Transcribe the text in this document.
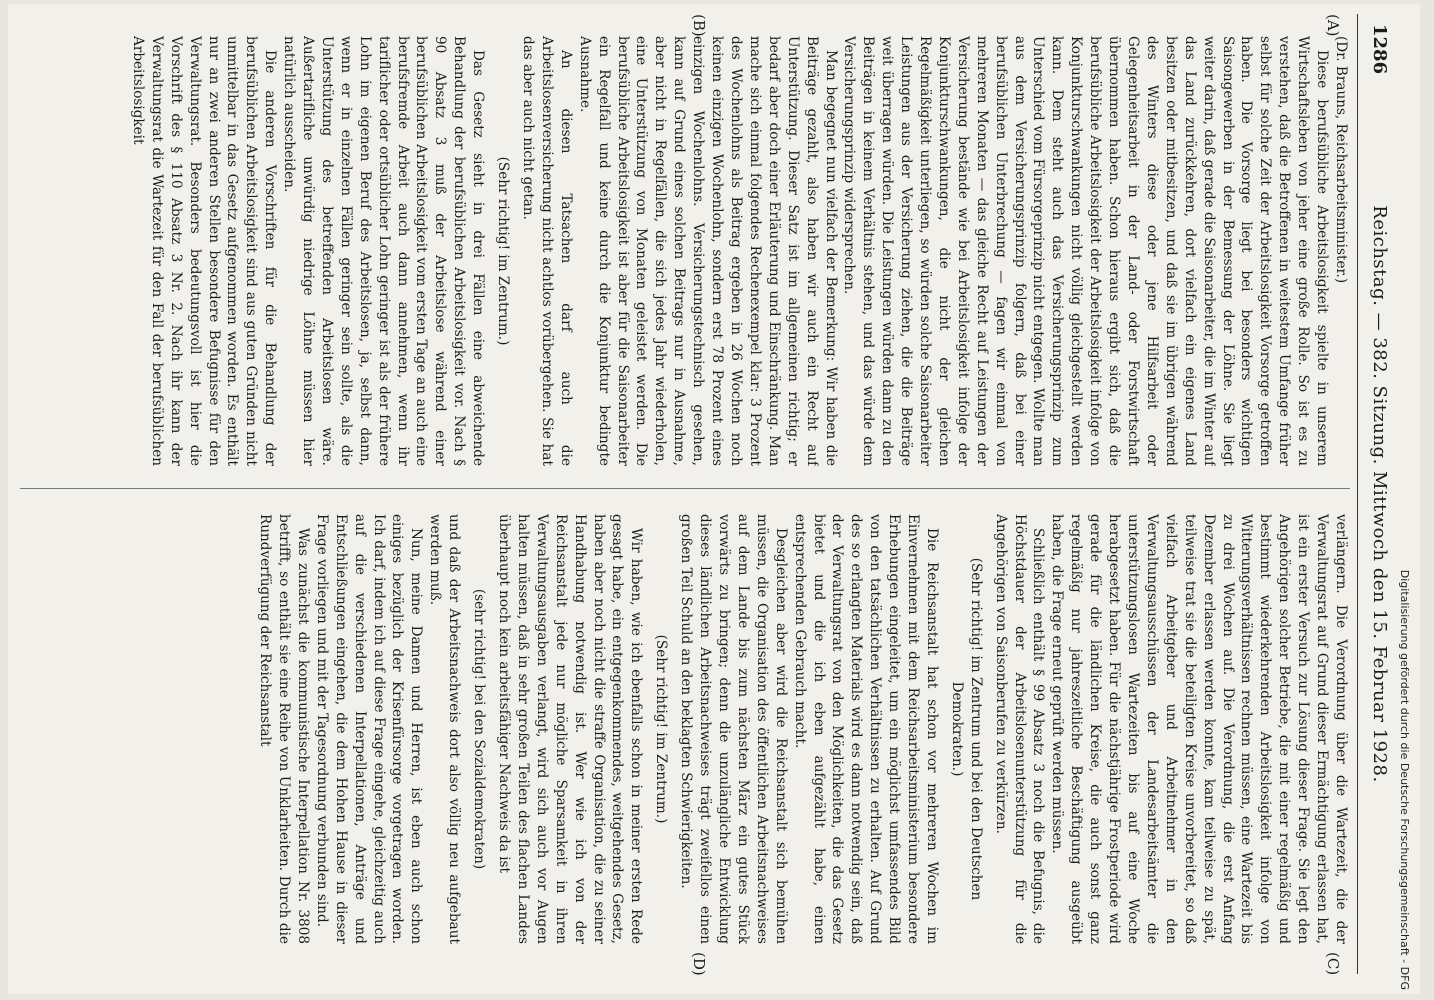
1286
Reichstag. — 382. Sitzung. Mittwoch den 15. Februar 1928.
(A)
(B)
(C)
(D)

(Dr. Brauns, Reichsarbeitsminister.)

Diese berufsübliche Arbeitslosigkeit spielte in unserem Wirtschaftsleben von jeher eine große Rolle. So ist es zu verstehen, daß die Betroffenen in weitestem Umfange früher selbst für solche Zeit der Arbeitslosigkeit Vorsorge getroffen haben. Die Vorsorge liegt bei besonders wichtigen Saisongewerben in der Bemessung der Löhne. Sie liegt weiter darin, daß gerade die Saisonarbeiter, die im Winter auf das Land zurückkehren, dort vielfach ein eigenes Land besitzen oder mitbesitzen, und daß sie im übrigen während des Winters diese oder jene Hilfsarbeit oder Gelegenheitsarbeit in der Land- oder Forstwirtschaft übernommen haben. Schon hieraus ergibt sich, daß die berufsübliche Arbeitslosigkeit der Arbeitslosigkeit infolge von Konjunkturschwankungen nicht völlig gleichgestellt werden kann. Dem steht auch das Versicherungsprinzip zum Unterschied vom Fürsorgeprinzip nicht entgegen. Wollte man aus dem Versicherungsprinzip folgern, daß bei einer berufsüblichen Unterbrechung — fagen wir einmal von mehreren Monaten — das gleiche Recht auf Leistungen der Versicherung bestände wie bei Arbeitslosigkeit infolge der Konjunkturschwankungen, die nicht der gleichen Regelmäßigkeit unterliegen, so würden solche Saisonarbeiter Leistungen aus der Versicherung ziehen, die die Beiträge weit überragen würden. Die Leistungen würden dann zu den Beiträgen in keinem Verhältnis stehen, und das würde dem Versicherungsprinzip widersprechen.

Man begegnet nun vielfach der Bemerkung: Wir haben die Beiträge gezahlt, also haben wir auch ein Recht auf Unterstützung. Dieser Satz ist im allgemeinen richtig; er bedarf aber doch einer Erläuterung und Einschränkung. Man mache sich einmal folgendes Rechenexempel klar: 3 Prozent des Wochenlohns als Beitrag ergeben in 26 Wochen noch keinen einzigen Wochenlohn, sondern erst 78 Prozent eines einzigen Wochenlohns. Versicherungstechnisch gesehen, kann auf Grund eines solchen Beitrags nur in Ausnahme, aber nicht in Regelfällen, die sich jedes Jahr wiederholen, eine Unterstützung von Monaten geleistet werden. Die berufsübliche Arbeitslosigkeit ist aber für die Saisonarbeiter ein Regelfall und keine durch die Konjunktur bedingte Ausnahme.

An diesen Tatsachen darf auch die Arbeitslosenversicherung nicht achtlos vorübergehen. Sie hat das aber auch nicht getan.

(Sehr richtig! im Zentrum.)

Das Gesetz sieht in drei Fällen eine abweichende Behandlung der berufsüblichen Arbeitslosigkeit vor. Nach § 90 Absatz 3 muß der Arbeitslose während einer berufsüblichen Arbeitslosigkeit vom ersten Tage an auch eine berufsfremde Arbeit auch dann annehmen, wenn ihr tariflicher oder ortsüblicher Lohn geringer ist als der frühere Lohn im eigenen Beruf des Arbeitslosen, ja, selbst dann, wenn er in einzelnen Fällen geringer sein sollte, als die Unterstützung des betreffenden Arbeitslosen wäre. Außertarifliche unwürdig niedrige Löhne müssen hier natürlich ausscheiden.

Die anderen Vorschriften für die Behandlung der berufsüblichen Arbeitslosigkeit sind aus guten Gründen nicht unmittelbar in das Gesetz aufgenommen worden. Es enthält nur an zwei anderen Stellen besondere Befugnisse für den Verwaltungsrat. Besonders bedeutungsvoll ist hier die Vorschrift des § 110 Absatz 3 Nr. 2. Nach ihr kann der Verwaltungsrat die Wartezeit für den Fall der berufsüblichen Arbeitslosigkeit

verlängern. Die Verordnung über die Wartezeit, die der Verwaltungsrat auf Grund dieser Ermächtigung erlassen hat, ist ein erster Versuch zur Lösung dieser Frage. Sie legt den Angehörigen solcher Betriebe, die mit einer regelmäßig und bestimmt wiederkehrenden Arbeitslosigkeit infolge von Witterungsverhältnissen rechnen müssen, eine Wartezeit bis zu drei Wochen auf. Die Verordnung, die erst Anfang Dezember erlassen werden konnte, kam teilweise zu spät, teilweise trat sie die beteiligten Kreise unvorbereitet, so daß vielfach Arbeitgeber und Arbeitnehmer in den Verwaltungsausschüssen der Landesarbeitsämter die unterstützungslosen Wartezeiten bis auf eine Woche herabgesetzt haben. Für die nächstjährige Frostperiode wird gerade für die ländlichen Kreise, die auch sonst ganz regelmäßig nur jahreszeitliche Beschäftigung ausgeübt haben, die Frage erneut geprüft werden müssen.

Schließlich enthält § 99 Absatz 3 noch die Befugnis, die Höchstdauer der Arbeitslosenunterstützung für die Angehörigen von Saisonberufen zu verkürzen.

(Sehr richtig! im Zentrum und bei den Deutschen Demokraten.)

Die Reichsanstalt hat schon vor mehreren Wochen im Einvernehmen mit dem Reichsarbeitsministerium besondere Erhebungen eingeleitet, um ein möglichst umfassendes Bild von den tatsächlichen Verhältnissen zu erhalten. Auf Grund des so erlangten Materials wird es dann notwendig sein, daß der Verwaltungsrat von den Möglichkeiten, die das Gesetz bietet und die ich eben aufgezählt habe, einen entsprechenden Gebrauch macht.

Desgleichen aber wird die Reichsanstalt sich bemühen müssen, die Organisation des öffentlichen Arbeitsnachweises auf dem Lande bis zum nächsten März ein gutes Stück vorwärts zu bringen; denn die unzulängliche Entwicklung dieses ländlichen Arbeitsnachweises trägt zweifellos einen großen Teil Schuld an den beklagten Schwierigkeiten.

(Sehr richtig! im Zentrum.)

Wir haben, wie ich ebenfalls schon in meiner ersten Rede gesagt habe, ein entgegenkommendes, weitgehendes Gesetz, haben aber noch nicht die straffe Organisation, die zu seiner Handhabung notwendig ist. Wer wie ich von der Reichsanstalt jede nur mögliche Sparsamkeit in ihren Verwaltungsausgaben verlangt, wird sich auch vor Augen halten müssen, daß in sehr großen Teilen des flachen Landes überhaupt noch kein arbeitsfähiger Nachweis da ist

(sehr richtig! bei den Sozialdemokraten)

und daß der Arbeitsnachweis dort also völlig neu aufgebaut werden muß.

Nun, meine Damen und Herren, ist eben auch schon einiges bezüglich der Krisenfürsorge vorgetragen worden. Ich darf, indem ich auf diese Frage eingehe, gleichzeitig auch auf die verschiedenen Interpellationen, Anträge und Entschließungen eingehen, die dem Hohen Hause in dieser Frage vorliegen und mit der Tagesordnung verbunden sind.

Was zunächst die kommunistische Interpellation Nr. 3808 betrifft, so enthält sie eine Reihe von Unklarheiten. Durch die Rundverfügung der Reichsanstalt	Digitalisierung gefördert durch die Deutsche Forschungsgemeinschaft - DFG
